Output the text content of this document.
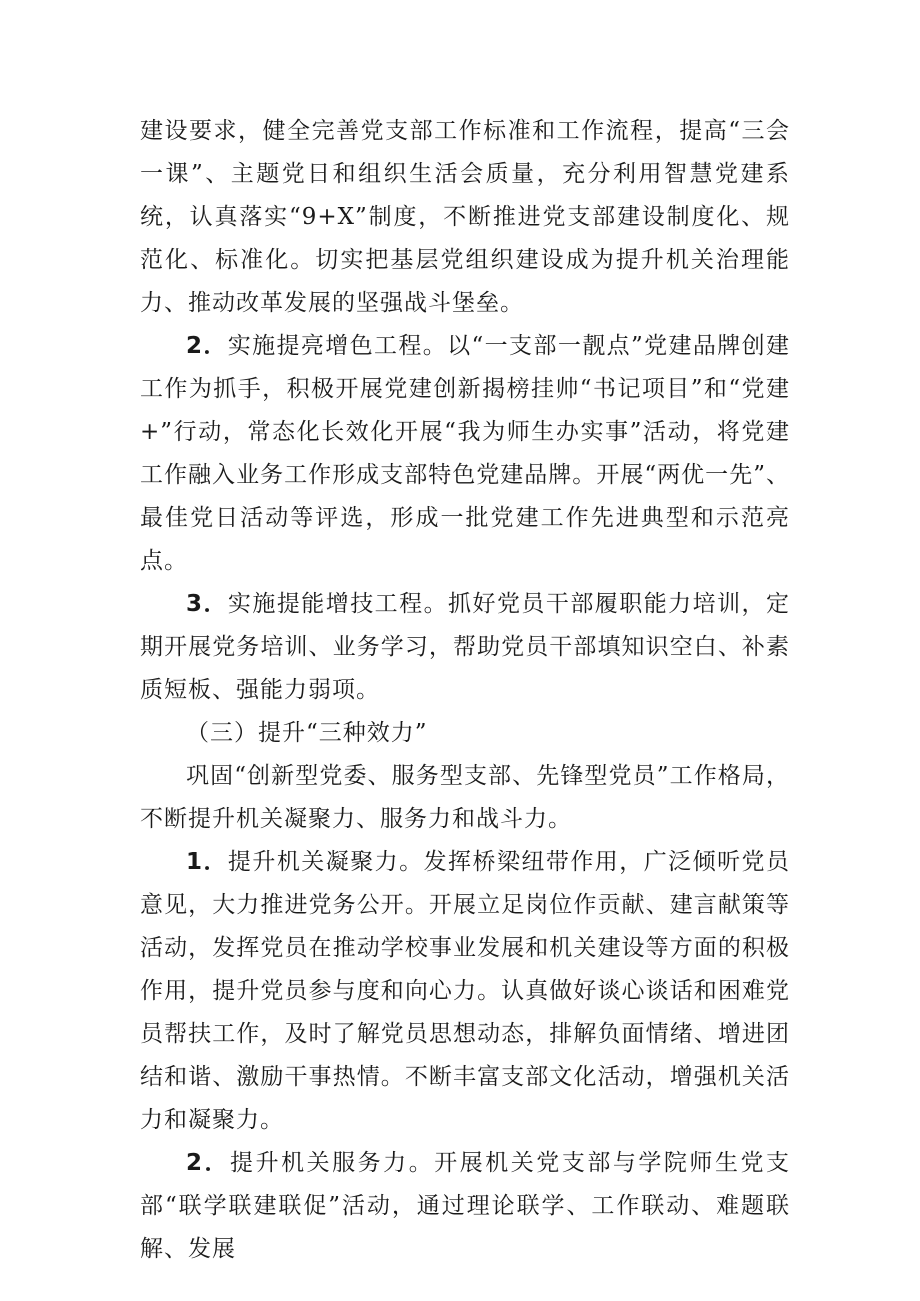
建设要求，健全完善党支部工作标准和工作流程，提高“三会一课”、主题党日和组织生活会质量，充分利用智慧党建系统，认真落实“9+X”制度，不断推进党支部建设制度化、规范化、标准化。切实把基层党组织建设成为提升机关治理能力、推动改革发展的坚强战斗堡垒。

2．实施提亮增色工程。以“一支部一靓点”党建品牌创建工作为抓手，积极开展党建创新揭榜挂帅“书记项目”和“党建+”行动，常态化长效化开展“我为师生办实事”活动，将党建工作融入业务工作形成支部特色党建品牌。开展“两优一先”、最佳党日活动等评选，形成一批党建工作先进典型和示范亮点。

3．实施提能增技工程。抓好党员干部履职能力培训，定期开展党务培训、业务学习，帮助党员干部填知识空白、补素质短板、强能力弱项。

（三）提升“三种效力”

巩固“创新型党委、服务型支部、先锋型党员”工作格局，不断提升机关凝聚力、服务力和战斗力。

1．提升机关凝聚力。发挥桥梁纽带作用，广泛倾听党员意见，大力推进党务公开。开展立足岗位作贡献、建言献策等活动，发挥党员在推动学校事业发展和机关建设等方面的积极作用，提升党员参与度和向心力。认真做好谈心谈话和困难党员帮扶工作，及时了解党员思想动态，排解负面情绪、增进团结和谐、激励干事热情。不断丰富支部文化活动，增强机关活力和凝聚力。

2．提升机关服务力。开展机关党支部与学院师生党支部“联学联建联促”活动，通过理论联学、工作联动、难题联解、发展
